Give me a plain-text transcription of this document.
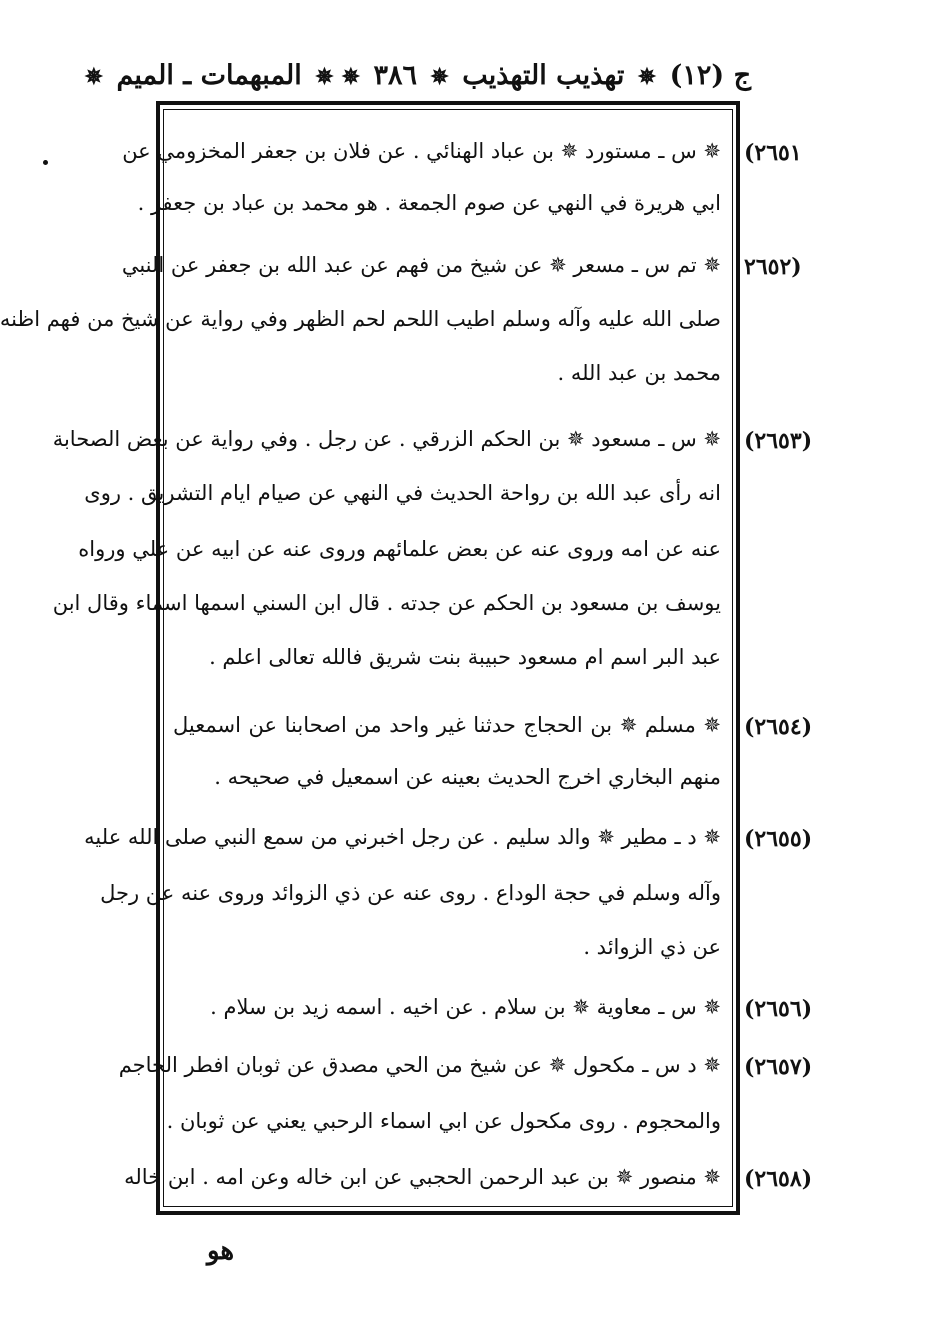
ج (١٢) ✵ تهذيب التهذيب ✵ ٣٨٦ ✵
✵ المبهمات ـ الميم ✵
(٢٦٥١
✵ س ـ مستورد ✵ بن عباد الهنائي . عن فلان بن جعفر المخزومي عن
ابي هريرة في النهي عن صوم الجمعة . هو محمد بن عباد بن جعفر .
٢٦٥٢)
✵ تم س ـ مسعر ✵ عن شيخ من فهم عن عبد الله بن جعفر عن النبي
صلى الله عليه وآله وسلم اطيب اللحم لحم الظهر وفي رواية عن شيخ من فهم اظنه
محمد بن عبد الله .
(٢٦٥٣)
✵ س ـ مسعود ✵ بن الحكم الزرقي . عن رجل . وفي رواية عن بعض الصحابة
انه رأى عبد الله بن رواحة الحديث في النهي عن صيام ايام التشريق . روى
عنه عن امه وروى عنه عن بعض علمائهم وروى عنه عن ابيه عن علي ورواه
يوسف بن مسعود بن الحكم عن جدته . قال ابن السني اسمها اسماء وقال ابن
عبد البر اسم ام مسعود حبيبة بنت شريق فالله تعالى اعلم .
(٢٦٥٤)
✵ مسلم ✵ بن الحجاج حدثنا غير واحد من اصحابنا عن اسمعيل
منهم البخاري اخرج الحديث بعينه عن اسمعيل في صحيحه .
(٢٦٥٥)
✵ د ـ مطير ✵ والد سليم . عن رجل اخبرني من سمع النبي صلى الله عليه
وآله وسلم في حجة الوداع . روى عنه عن ذي الزوائد وروى عنه عن رجل
عن ذي الزوائد .
(٢٦٥٦)
✵ س ـ معاوية ✵ بن سلام . عن اخيه . اسمه زيد بن سلام .
(٢٦٥٧)
✵ د س ـ مكحول ✵ عن شيخ من الحي مصدق عن ثوبان افطر الحاجم
والمحجوم . روى مكحول عن ابي اسماء الرحبي يعني عن ثوبان .
(٢٦٥٨)
✵ منصور ✵ بن عبد الرحمن الحجبي عن ابن خاله وعن امه . ابن خاله
هو
